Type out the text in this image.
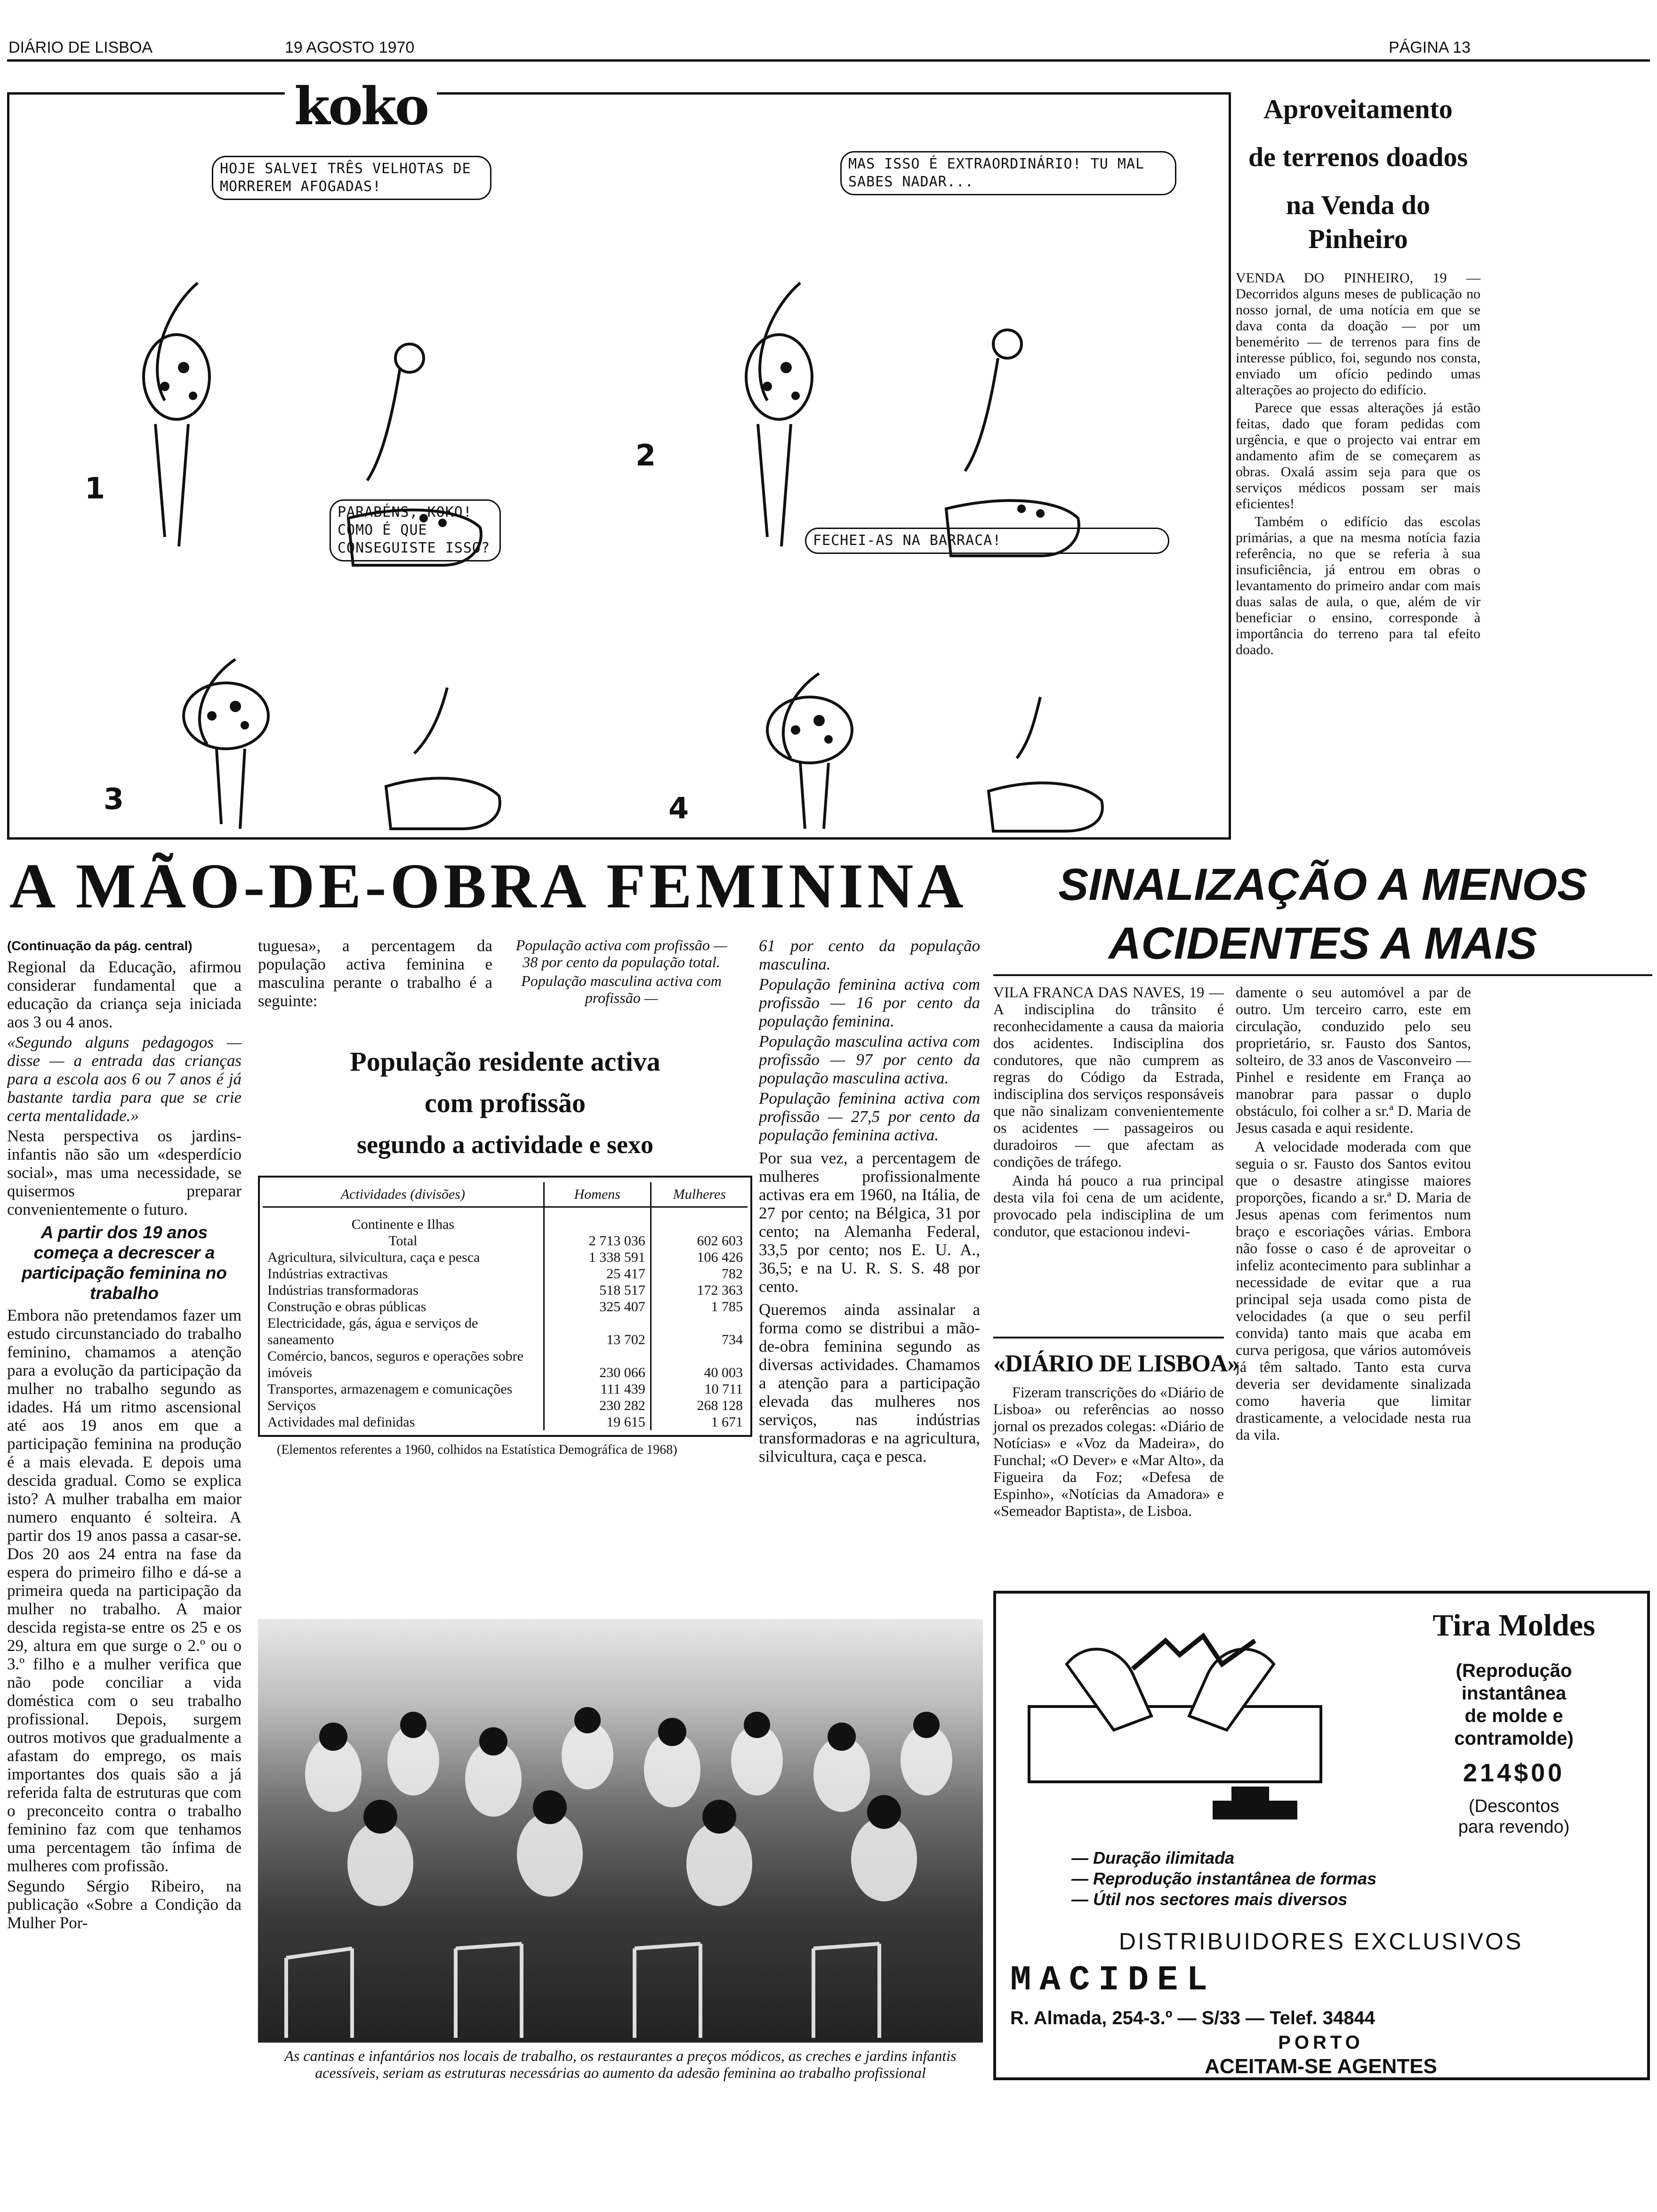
DIÁRIO DE LISBOA	19 AGOSTO 1970	PÁGINA 13
koko
HOJE SALVEI TRÊS VELHOTAS DE MORREREM AFOGADAS!
MAS ISSO É EXTRAORDINÁRIO! TU MAL SABES NADAR...
PARABÉNS, KOKO! COMO É QUE CONSEGUISTE ISSO?	FECHEI-AS NA BARRACA!
1
2
3	4
Aproveitamento
de terrenos doados
na Venda do Pinheiro

VENDA DO PINHEIRO, 19 — Decorridos alguns meses de publicação no nosso jornal, de uma notícia em que se dava conta da doação — por um benemérito — de terrenos para fins de interesse público, foi, segundo nos consta, enviado um ofício pedindo umas alterações ao projecto do edifício.

Parece que essas alterações já estão feitas, dado que foram pedidas com urgência, e que o projecto vai entrar em andamento afim de se começarem as obras. Oxalá assim seja para que os serviços médicos possam ser mais eficientes!

Também o edifício das escolas primárias, a que na mesma notícia fazia referência, no que se referia à sua insuficiência, já entrou em obras o levantamento do primeiro andar com mais duas salas de aula, o que, além de vir beneficiar o ensino, corresponde à importância do terreno para tal efeito doado.

A MÃO-DE-OBRA FEMININA
(Continuação da pág. central)

Regional da Educação, afirmou considerar fundamental que a educação da criança seja iniciada aos 3 ou 4 anos.

«Segundo alguns pedagogos — disse — a entrada das crianças para a escola aos 6 ou 7 anos é já bastante tardia para que se crie certa mentalidade.»

Nesta perspectiva os jardins-infantis não são um «desperdício social», mas uma necessidade, se quisermos preparar convenientemente o futuro.

A partir dos 19 anos começa a decrescer a participação feminina no trabalho

Embora não pretendamos fazer um estudo circunstanciado do trabalho feminino, chamamos a atenção para a evolução da participação da mulher no trabalho segundo as idades. Há um ritmo ascensional até aos 19 anos em que a participação feminina na produção é a mais elevada. E depois uma descida gradual. Como se explica isto? A mulher trabalha em maior numero enquanto é solteira. A partir dos 19 anos passa a casar-se. Dos 20 aos 24 entra na fase da espera do primeiro filho e dá-se a primeira queda na participação da mulher no trabalho. A maior descida regista-se entre os 25 e os 29, altura em que surge o 2.º ou o 3.º filho e a mulher verifica que não pode conciliar a vida doméstica com o seu trabalho profissional. Depois, surgem outros motivos que gradualmente a afastam do emprego, os mais importantes dos quais são a já referida falta de estruturas que com o preconceito contra o trabalho feminino faz com que tenhamos uma percentagem tão ínfima de mulheres com profissão.

Segundo Sérgio Ribeiro, na publicação «Sobre a Condição da Mulher Por-

tuguesa», a percentagem da população activa feminina e masculina perante o trabalho é a seguinte:

População activa com profissão — 38 por cento da população total.

População masculina activa com profissão —

População residente activa
com profissão
segundo a actividade e sexo
Actividades (divisões)	Homens	Mulheres
Continente e Ilhas		
Total	2 713 036	602 603
Agricultura, silvicultura, caça e pesca	1 338 591	106 426
Indústrias extractivas	25 417	782
Indústrias transformadoras	518 517	172 363
Construção e obras públicas	325 407	1 785
Electricidade, gás, água e serviços de saneamento	13 702	734
Comércio, bancos, seguros e operações sobre imóveis	230 066	40 003
Transportes, armazenagem e comunicações	111 439	10 711
Serviços	230 282	268 128
Actividades mal definidas	19 615	1 671
(Elementos referentes a 1960, colhidos na Estatística Demográfica de 1968)

61 por cento da população masculina.

População feminina activa com profissão — 16 por cento da população feminina.

População masculina activa com profissão — 97 por cento da população masculina activa.

População feminina activa com profissão — 27,5 por cento da população feminina activa.

Por sua vez, a percentagem de mulheres profissionalmente activas era em 1960, na Itália, de 27 por cento; na Bélgica, 31 por cento; na Alemanha Federal, 33,5 por cento; nos E. U. A., 36,5; e na U. R. S. S. 48 por cento.

Queremos ainda assinalar a forma como se distribui a mão-de-obra feminina segundo as diversas actividades. Chamamos a atenção para a participação elevada das mulheres nos serviços, nas indústrias transformadoras e na agricultura, silvicultura, caça e pesca.

As cantinas e infantários nos locais de trabalho, os restaurantes a preços módicos, as creches e jardins infantis acessíveis, seriam as estruturas necessárias ao aumento da adesão feminina ao trabalho profissional
SINALIZAÇÃO A MENOS
ACIDENTES A MAIS

VILA FRANCA DAS NAVES, 19 — A indisciplina do trânsito é reconhecidamente a causa da maioria dos acidentes. Indisciplina dos condutores, que não cumprem as regras do Código da Estrada, indisciplina dos serviços responsáveis que não sinalizam convenientemente os acidentes — passageiros ou duradoiros — que afectam as condições de tráfego.

Ainda há pouco a rua principal desta vila foi cena de um acidente, provocado pela indisciplina de um condutor, que estacionou indevi-

damente o seu automóvel a par de outro. Um terceiro carro, este em circulação, conduzido pelo seu proprietário, sr. Fausto dos Santos, solteiro, de 33 anos de Vasconveiro — Pinhel e residente em França ao manobrar para passar o duplo obstáculo, foi colher a sr.ª D. Maria de Jesus casada e aqui residente.

A velocidade moderada com que seguia o sr. Fausto dos Santos evitou que o desastre atingisse maiores proporções, ficando a sr.ª D. Maria de Jesus apenas com ferimentos num braço e escoriações várias. Embora não fosse o caso é de aproveitar o infeliz acontecimento para sublinhar a necessidade de evitar que a rua principal seja usada como pista de velocidades (a que o seu perfil convida) tanto mais que acaba em curva perigosa, que vários automóveis já têm saltado. Tanto esta curva deveria ser devidamente sinalizada como haveria que limitar drasticamente, a velocidade nesta rua da vila.

«DIÁRIO DE LISBOA»
Fizeram transcrições do «Diário de Lisboa» ou referências ao nosso jornal os prezados colegas: «Diário de Notícias» e «Voz da Madeira», do Funchal; «O Dever» e «Mar Alto», da Figueira da Foz; «Defesa de Espinho», «Notícias da Amadora» e «Semeador Baptista», de Lisboa.
Tira Moldes
(Reprodução
instantânea
de molde e
contramolde)
214$00
(Descontos
para revendo)
— Duração ilimitada
— Reprodução instantânea de formas
— Útil nos sectores mais diversos
DISTRIBUIDORES EXCLUSIVOS
MACIDEL
R. Almada, 254-3.º — S/33 — Telef. 34844
PORTO
ACEITAM-SE AGENTES
